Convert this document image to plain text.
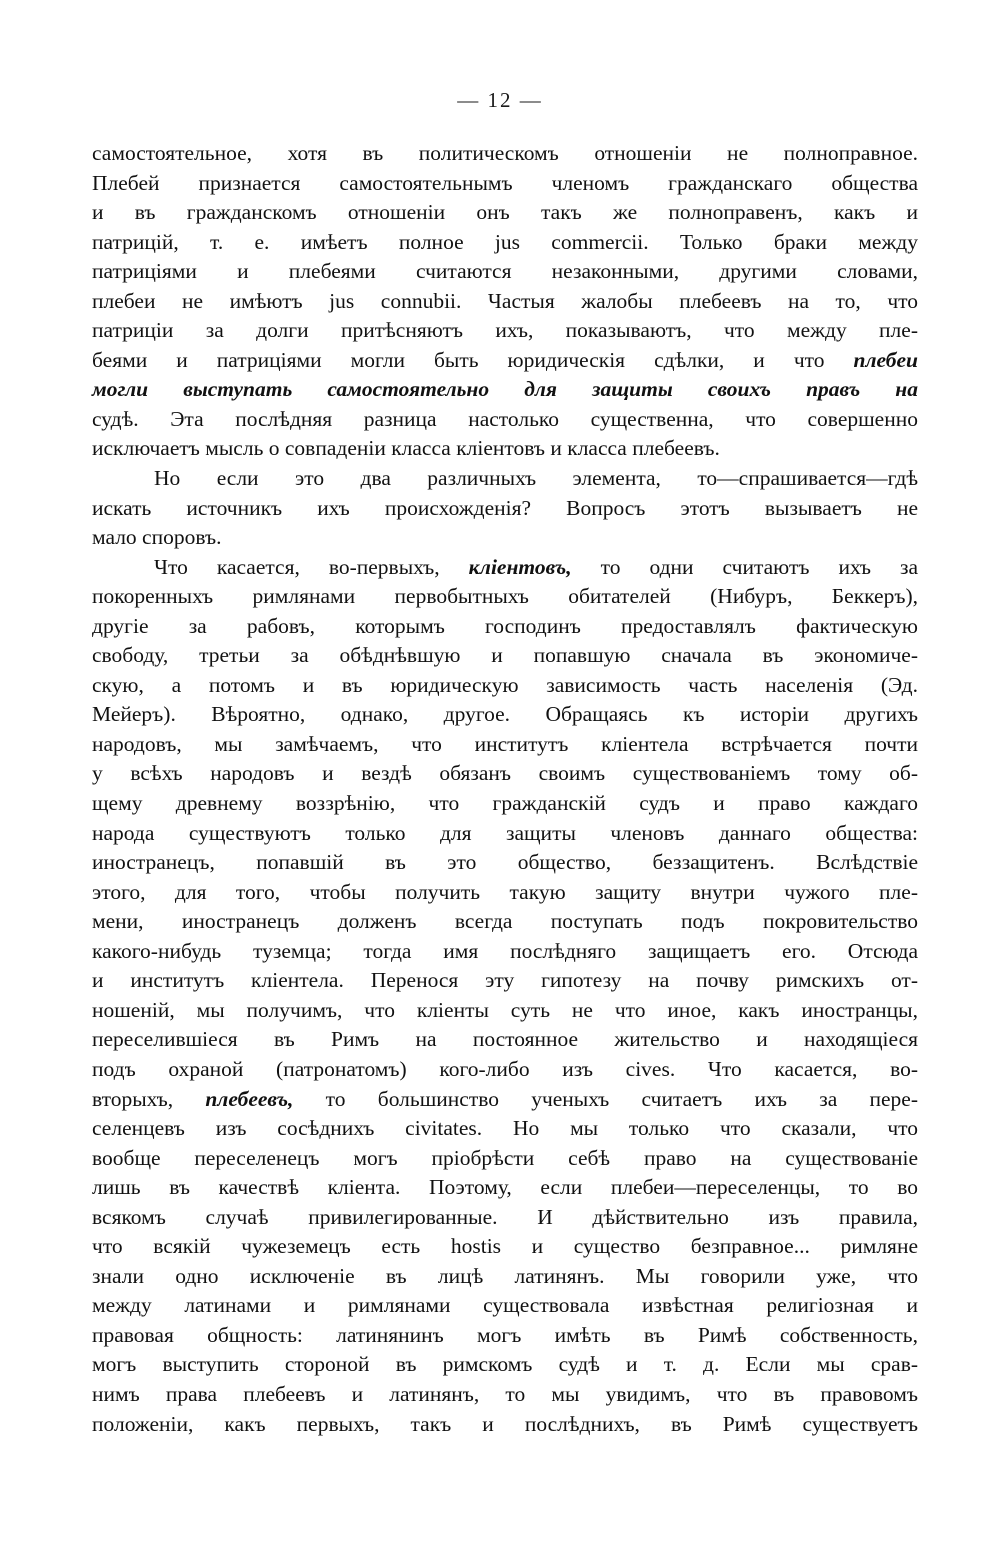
— 12 —
самостоятельное, хотя въ политическомъ отношеніи не полноправное.
Плебей признается самостоятельнымъ членомъ гражданскаго общества
и въ гражданскомъ отношеніи онъ такъ же полноправенъ, какъ и
патрицій, т. е. имѣетъ полное jus commercii. Только браки между
патриціями и плебеями считаются незаконными, другими словами,
плебеи не имѣютъ jus connubii. Частыя жалобы плебеевъ на то, что
патриціи за долги притѣсняютъ ихъ, показываютъ, что между пле-
беями и патриціями могли быть юридическія сдѣлки, и что плебеи
могли выступать самостоятельно для защиты своихъ правъ на
судѣ. Эта послѣдняя разница настолько существенна, что совершенно
исключаетъ мысль о совпаденіи класса кліентовъ и класса плебеевъ.
Но если это два различныхъ элемента, то—спрашивается—гдѣ
искать источникъ ихъ происхожденія? Вопросъ этотъ вызываетъ не
мало споровъ.
Что касается, во-первыхъ, кліентовъ, то одни считаютъ ихъ за
покоренныхъ римлянами первобытныхъ обитателей (Нибуръ, Беккеръ),
другіе за рабовъ, которымъ господинъ предоставлялъ фактическую
свободу, третьи за обѣднѣвшую и попавшую сначала въ экономиче-
скую, а потомъ и въ юридическую зависимость часть населенія (Эд.
Мейеръ). Вѣроятно, однако, другое. Обращаясь къ исторіи другихъ
народовъ, мы замѣчаемъ, что институтъ кліентела встрѣчается почти
у всѣхъ народовъ и вездѣ обязанъ своимъ существованіемъ тому об-
щему древнему воззрѣнію, что гражданскій судъ и право каждаго
народа существуютъ только для защиты членовъ даннаго общества:
иностранецъ, попавшій въ это общество, беззащитенъ. Вслѣдствіе
этого, для того, чтобы получить такую защиту внутри чужого пле-
мени, иностранецъ долженъ всегда поступать подъ покровительство
какого-нибудь туземца; тогда имя послѣдняго защищаетъ его. Отсюда
и институтъ кліентела. Перенося эту гипотезу на почву римскихъ от-
ношеній, мы получимъ, что кліенты суть не что иное, какъ иностранцы,
переселившіеся въ Римъ на постоянное жительство и находящіеся
подъ охраной (патронатомъ) кого-либо изъ cives. Что касается, во-
вторыхъ, плебеевъ, то большинство ученыхъ считаетъ ихъ за пере-
селенцевъ изъ сосѣднихъ civitates. Но мы только что сказали, что
вообще переселенецъ могъ пріобрѣсти себѣ право на существованіе
лишь въ качествѣ кліента. Поэтому, если плебеи—переселенцы, то во
всякомъ случаѣ привилегированные. И дѣйствительно изъ правила,
что всякій чужеземецъ есть hostis и существо безправное... римляне
знали одно исключеніе въ лицѣ латинянъ. Мы говорили уже, что
между латинами и римлянами существовала извѣстная религіозная и
правовая общность: латинянинъ могъ имѣть въ Римѣ собственность,
могъ выступить стороной въ римскомъ судѣ и т. д. Если мы срав-
нимъ права плебеевъ и латинянъ, то мы увидимъ, что въ правовомъ
положеніи, какъ первыхъ, такъ и послѣднихъ, въ Римѣ существуетъ
